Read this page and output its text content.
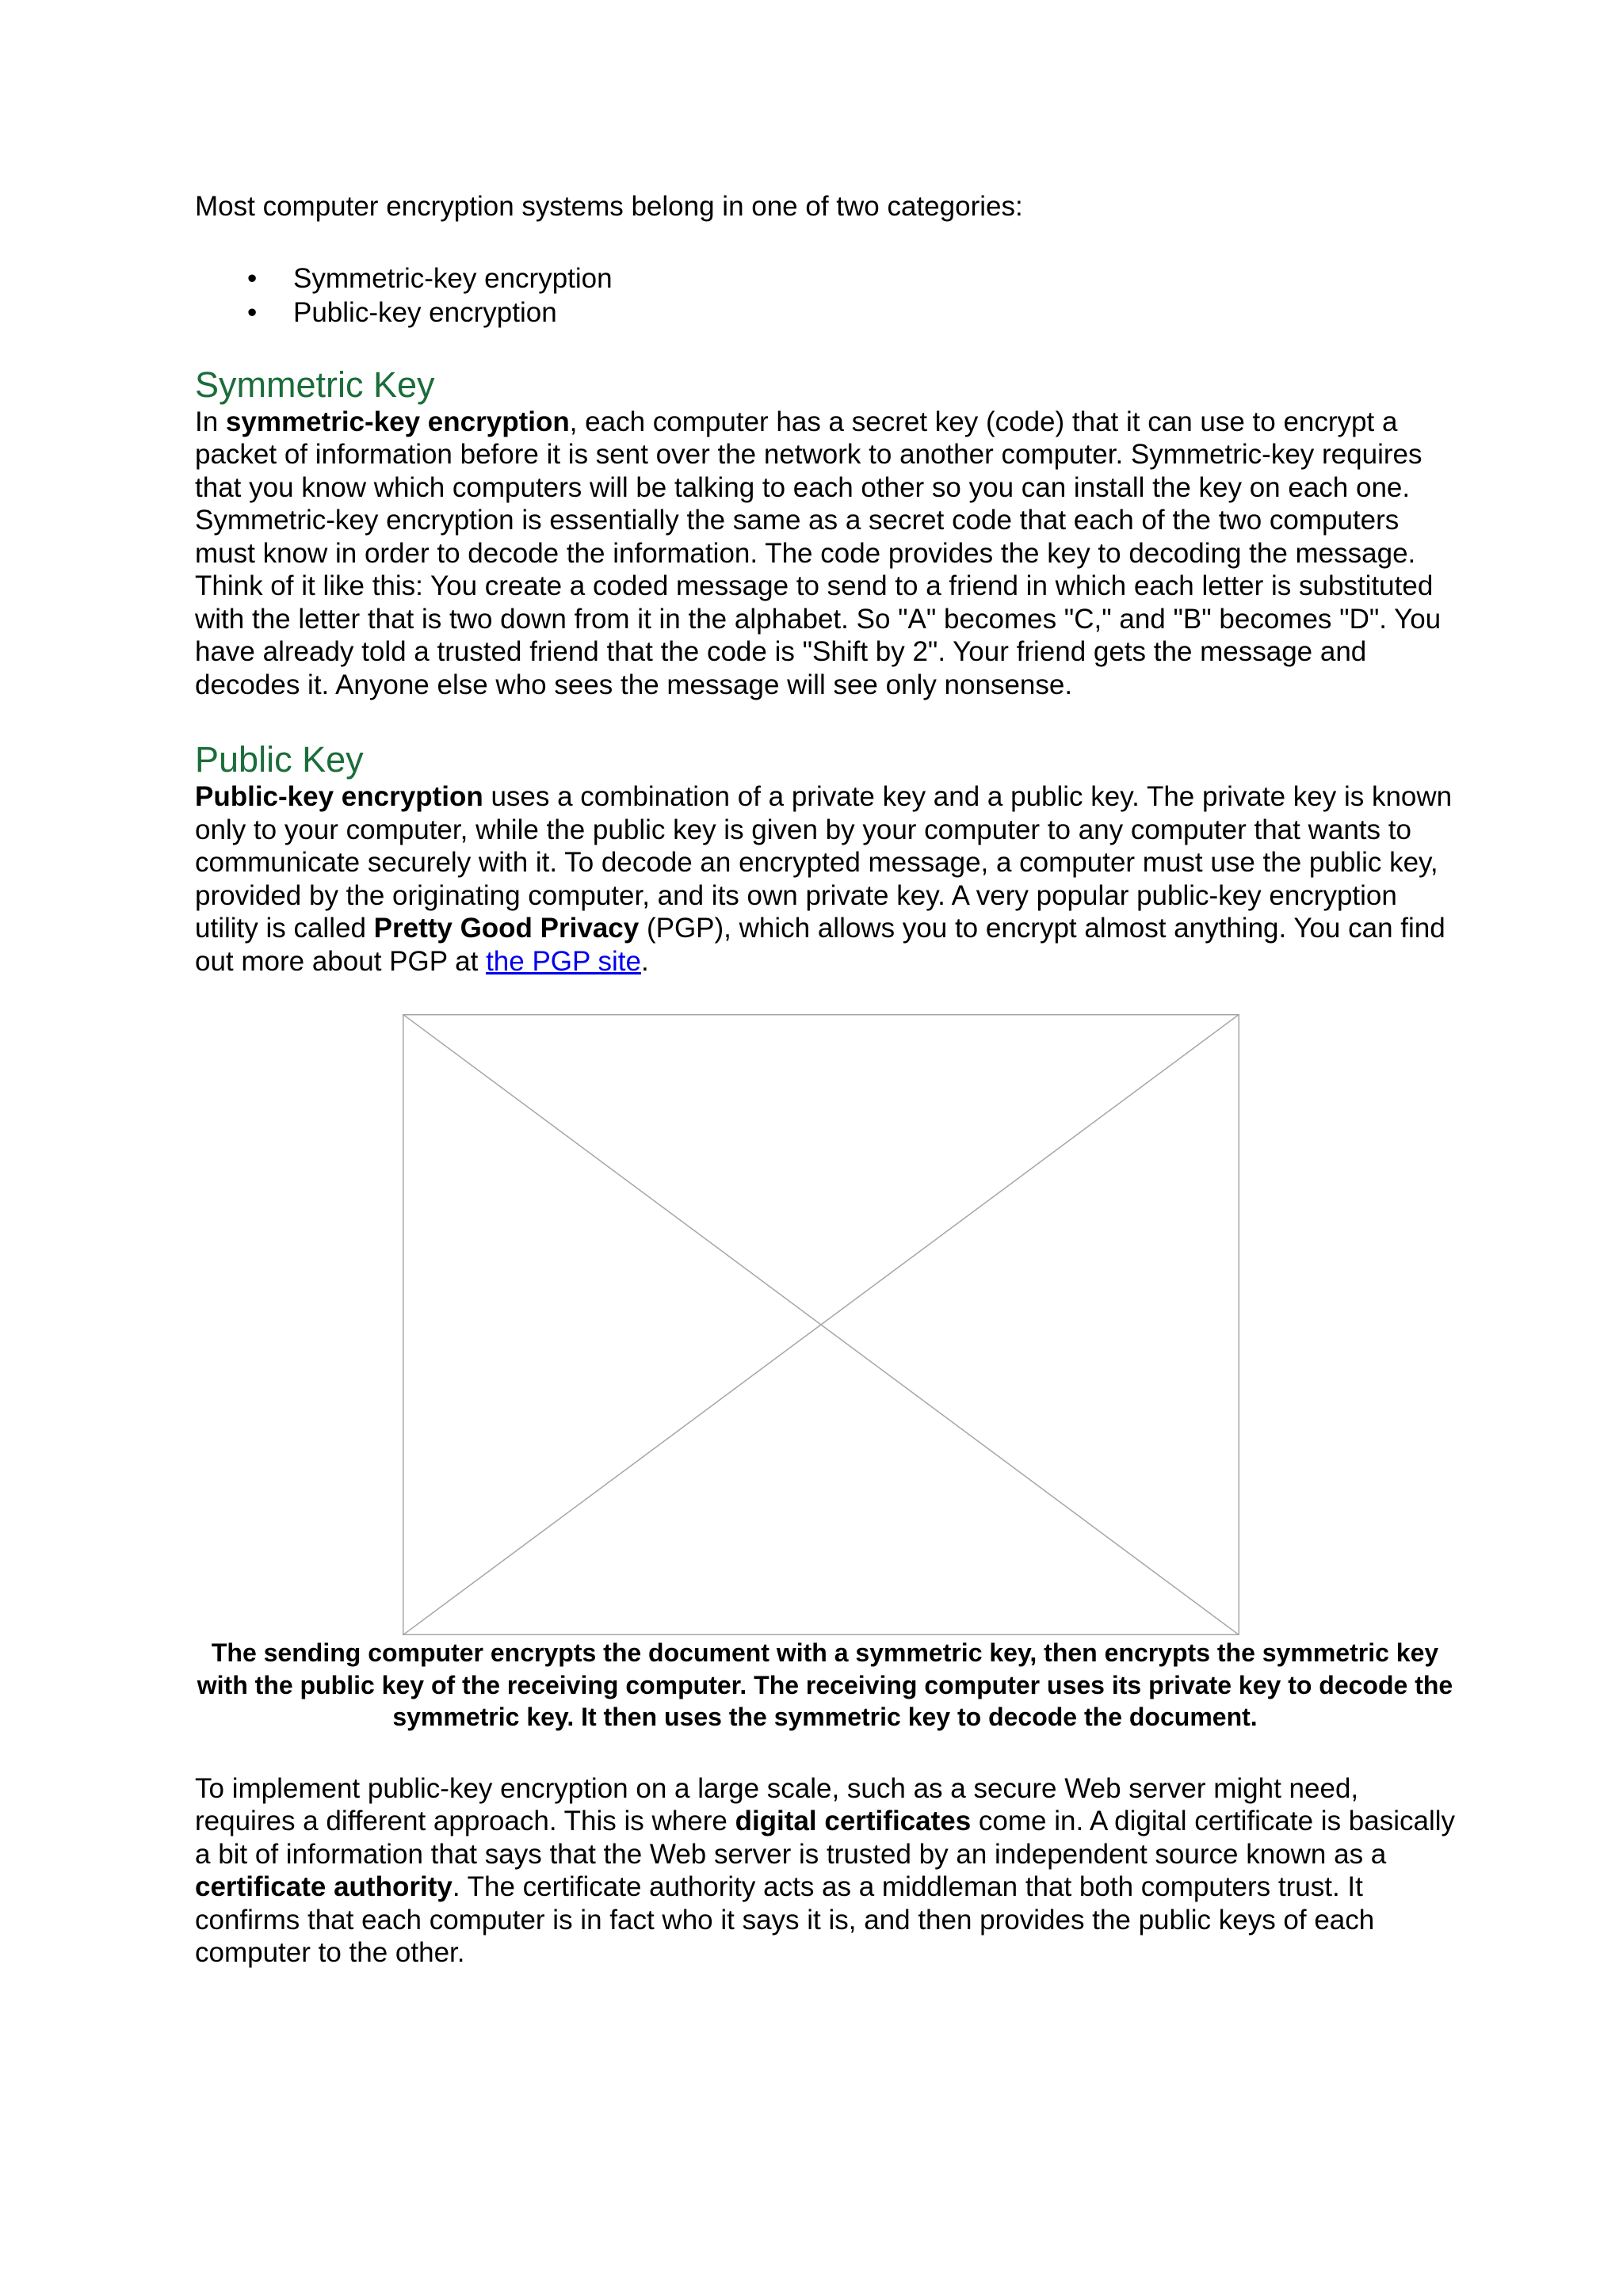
Most computer encryption systems belong in one of two categories:

• Symmetric-key encryption
• Public-key encryption
Symmetric Key

In symmetric-key encryption, each computer has a secret key (code) that it can use to encrypt a packet of information before it is sent over the network to another computer. Symmetric-key requires that you know which computers will be talking to each other so you can install the key on each one. Symmetric-key encryption is essentially the same as a secret code that each of the two computers must know in order to decode the information. The code provides the key to decoding the message. Think of it like this: You create a coded message to send to a friend in which each letter is substituted with the letter that is two down from it in the alphabet. So "A" becomes "C," and "B" becomes "D". You have already told a trusted friend that the code is "Shift by 2". Your friend gets the message and decodes it. Anyone else who sees the message will see only nonsense.

Public Key

Public-key encryption uses a combination of a private key and a public key. The private key is known only to your computer, while the public key is given by your computer to any computer that wants to communicate securely with it. To decode an encrypted message, a computer must use the public key, provided by the originating computer, and its own private key. A very popular public-key encryption utility is called Pretty Good Privacy (PGP), which allows you to encrypt almost anything. You can find out more about PGP at the PGP site.

The sending computer encrypts the document with a symmetric key, then encrypts the symmetric key with the public key of the receiving computer. The receiving computer uses its private key to decode the symmetric key. It then uses the symmetric key to decode the document.

To implement public-key encryption on a large scale, such as a secure Web server might need, requires a different approach. This is where digital certificates come in. A digital certificate is basically a bit of information that says that the Web server is trusted by an independent source known as a certificate authority. The certificate authority acts as a middleman that both computers trust. It confirms that each computer is in fact who it says it is, and then provides the public keys of each computer to the other.
